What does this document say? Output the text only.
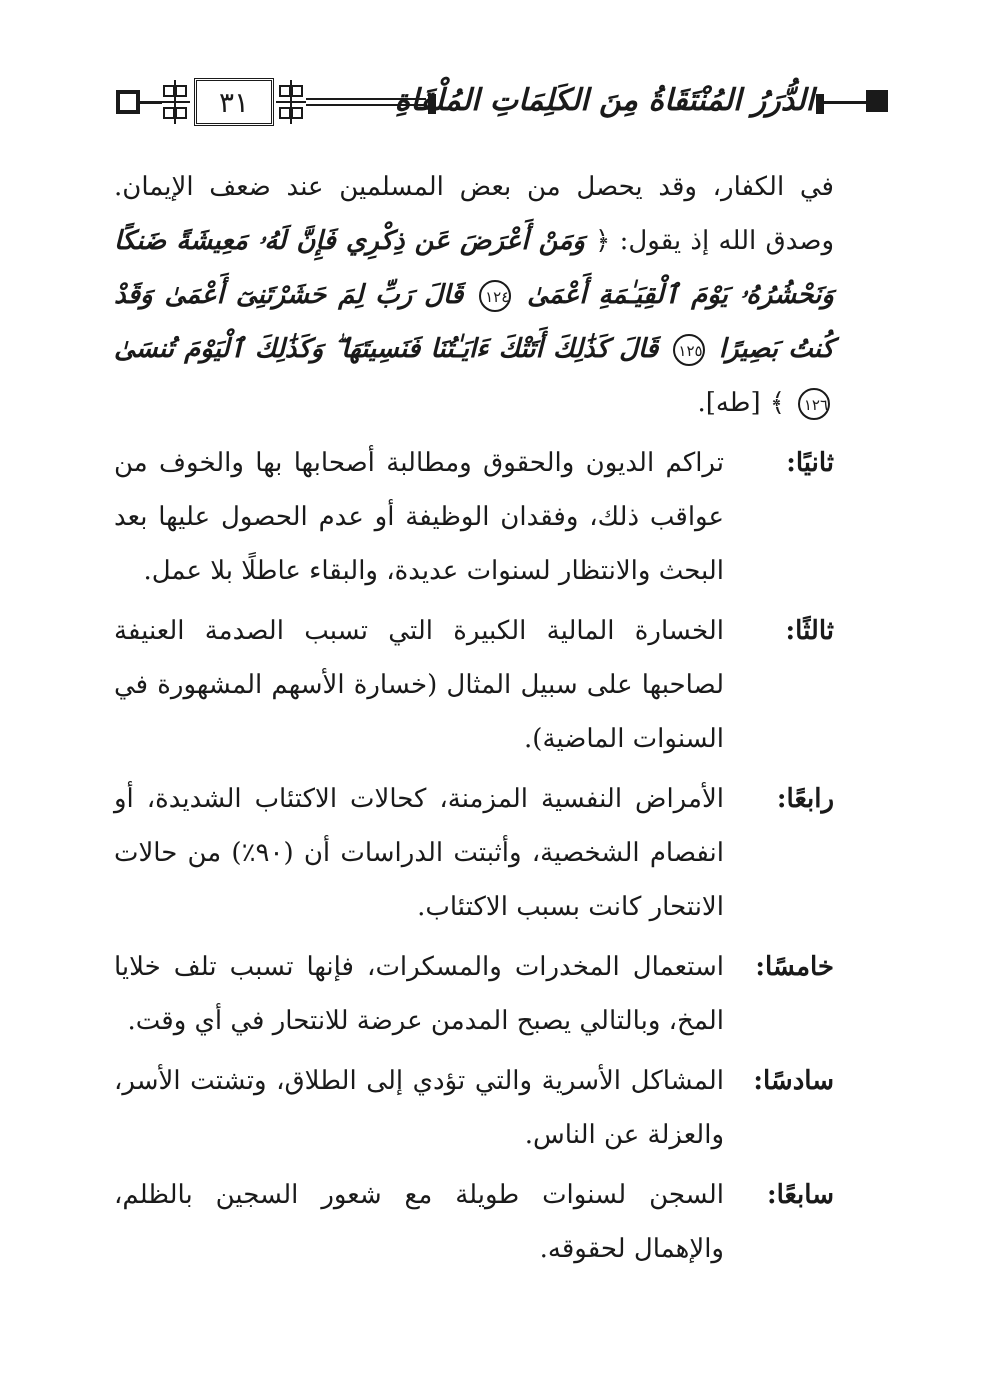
٣١	الدُّرَرُ المُنْتَقَاةُ مِنَ الكَلِمَاتِ المُلْقَاةِ

في الكفار، وقد يحصل من بعض المسلمين عند ضعف الإيمان. وصدق الله إذ يقول: ﴿ وَمَنْ أَعْرَضَ عَن ذِكْرِي فَإِنَّ لَهُۥ مَعِيشَةً ضَنكًا وَنَحْشُرُهُۥ يَوْمَ ٱلْقِيَـٰمَةِ أَعْمَىٰ ١٢٤ قَالَ رَبِّ لِمَ حَشَرْتَنِىٓ أَعْمَىٰ وَقَدْ كُنتُ بَصِيرًا ١٢٥ قَالَ كَذَٰلِكَ أَتَتْكَ ءَايَـٰتُنَا فَنَسِيتَهَا ۖ وَكَذَٰلِكَ ٱلْيَوْمَ تُنسَىٰ ١٢٦ ﴾ [طه].

ثانيًا:
تراكم الديون والحقوق ومطالبة أصحابها بها والخوف من عواقب ذلك، وفقدان الوظيفة أو عدم الحصول عليها بعد البحث والانتظار لسنوات عديدة، والبقاء عاطلًا بلا عمل.
ثالثًا:
الخسارة المالية الكبيرة التي تسبب الصدمة العنيفة لصاحبها على سبيل المثال (خسارة الأسهم المشهورة في السنوات الماضية).
رابعًا:
الأمراض النفسية المزمنة، كحالات الاكتئاب الشديدة، أو انفصام الشخصية، وأثبتت الدراسات أن (٩٠٪) من حالات الانتحار كانت بسبب الاكتئاب.
خامسًا:
استعمال المخدرات والمسكرات، فإنها تسبب تلف خلايا المخ، وبالتالي يصبح المدمن عرضة للانتحار في أي وقت.
سادسًا:
المشاكل الأسرية والتي تؤدي إلى الطلاق، وتشتت الأسر، والعزلة عن الناس.
سابعًا:
السجن لسنوات طويلة مع شعور السجين بالظلم، والإهمال لحقوقه.
